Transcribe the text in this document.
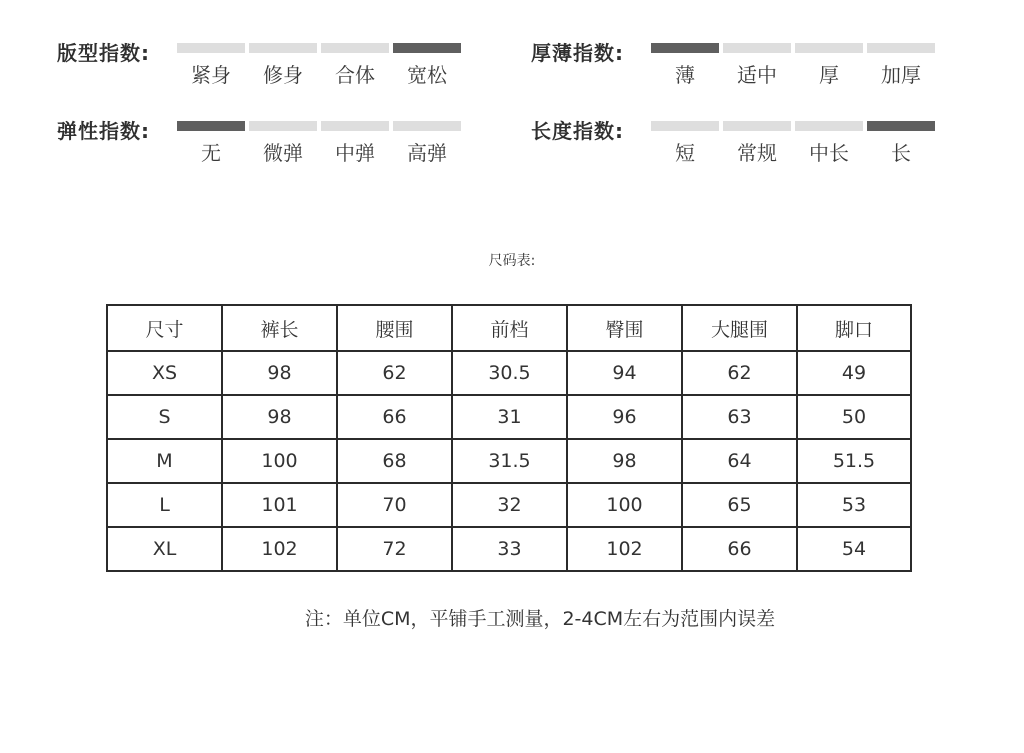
版型指数:
紧身	修身	合体	宽松
厚薄指数:
薄	适中	厚	加厚
弹性指数:
无	微弹	中弹	高弹
长度指数:
短	常规	中长	长
尺码表:
尺寸	裤长	腰围	前档	臀围	大腿围	脚口
XS	98	62	30.5	94	62	49
S	98	66	31	96	63	50
M	100	68	31.5	98	64	51.5
L	101	70	32	100	65	53
XL	102	72	33	102	66	54
注：单位CM，平铺手工测量，2-4CM左右为范围内误差
